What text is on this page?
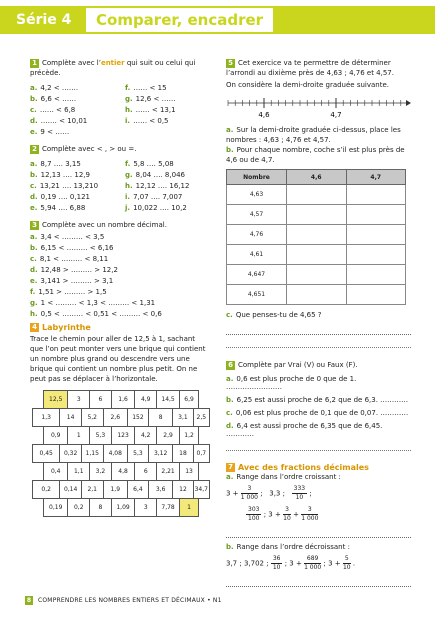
Série 4	Comparer, encadrer
1 Complète avec l’entier qui suit ou celui qui précède.
a. 4,2 < …….
b. 6,6 < ……
c. …… < 6,8
d. ……. < 10,01
e. 9 < ……
f. …… < 15
g. 12,6 < ……
h. …… < 13,1
i. …… < 0,5
2 Complète avec < , > ou =.
a. 8,7 …. 3,15
b. 12,13 …. 12,9
c. 13,21 …. 13,210
d. 0,19 …. 0,121
e. 5,94 …. 6,88
f. 5,8 …. 5,08
g. 8,04 …. 8,046
h. 12,12 …. 16,12
i. 7,07 …. 7,007
j. 10,022 …. 10,2
3 Complète avec un nombre décimal.
a. 3,4 < ……… < 3,5
b. 6,15 < ……… < 6,16
c. 8,1 < ……… < 8,11
d. 12,48 > ……… > 12,2
e. 3,141 > ……… > 3,1
f. 1,51 > ……… > 1,5
g. 1 < ……… < 1,3 < ……… < 1,31
h. 0,5 < ……… < 0,51 < ……… < 0,6
4 Labyrinthe
Trace le chemin pour aller de 12,5 à 1, sachant que l’on peut monter vers une brique qui contient un nombre plus grand ou descendre vers une brique qui contient un nombre plus petit. On ne peut pas se déplacer à l’horizontale.
	12,5		3		6		1,6		4,9		14,5		6,9		
1,3		14		5,2		2,6		152		8		3,1		2,5	
	0,9		1		5,3		123		4,2		2,9		1,2		
0,45		0,32		1,15		4,08		5,3		3,12		18		0,7	
	0,4		1,1		3,2		4,8		6		2,21		13		
0,2		0,14		2,1		1,9		6,4		3,6		12		34,7	
	0,19		0,2		8		1,09		3		7,78		1		
5 Cet exercice va te permettre de déterminer l’arrondi au dixième près de 4,63 ; 4,76 et 4,57.
On considère la demi-droite graduée suivante.
4,6	4,7
a. Sur la demi-droite graduée ci-dessus, place les nombres : 4,63 ; 4,76 et 4,57.
b. Pour chaque nombre, coche s’il est plus près de 4,6 ou de 4,7.
Nombre	4,6	4,7
4,63		
4,57		
4,76		
4,61		
4,647		
4,651		
c. Que penses-tu de 4,65 ?
6 Complète par Vrai (V) ou Faux (F).
a. 0,6 est plus proche de 0 que de 1. ……………………
b. 6,25 est aussi proche de 6,2 que de 6,3. …………
c. 0,06 est plus proche de 0,1 que de 0,07. …………
d. 6,4 est aussi proche de 6,35 que de 6,45. …………
7 Avec des fractions décimales
a. Range dans l’ordre croissant :
$3 + \frac{3}{1 000}$ ; 3,3 ; $\frac{333}{10}$ ;
$\frac{303}{100}$ ; $3 + \frac{3}{10} + \frac{3}{1 000}$
b. Range dans l’ordre décroissant :
3,7 ; 3,702 ; $\frac{36}{10}$ ; $3 + \frac{689}{1 000}$ ; $3 + \frac{5}{10}$ .
8 COMPRENDRE LES NOMBRES ENTIERS ET DÉCIMAUX • N1
